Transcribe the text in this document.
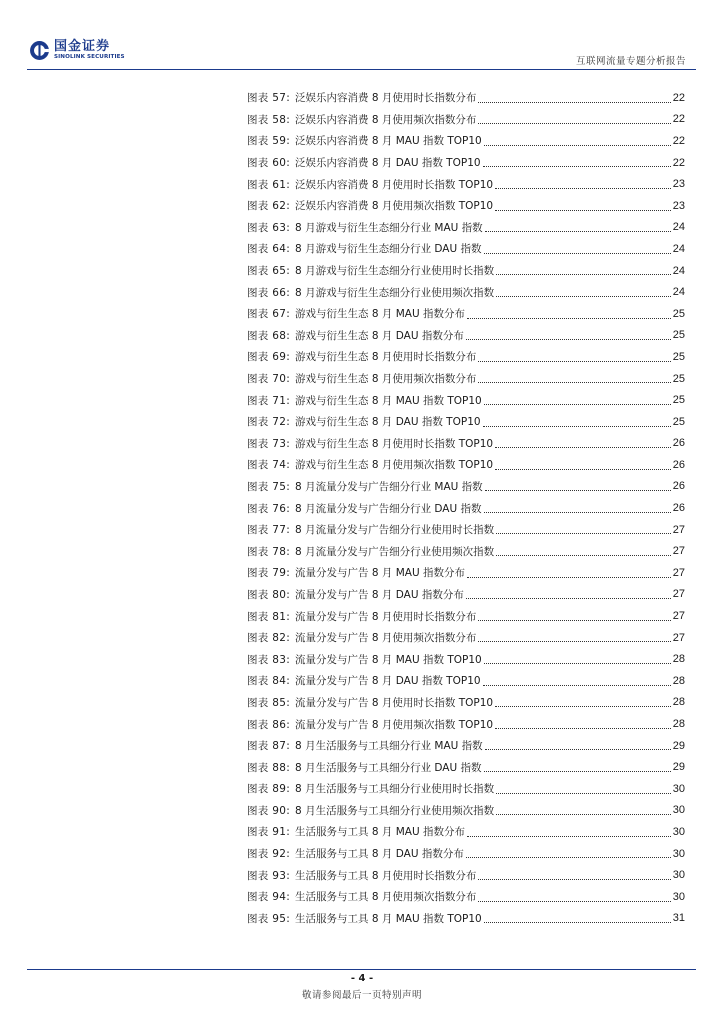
国金证券
SINOLINK SECURITIES	互联网流量专题分析报告
图表 57: 泛娱乐内容消费 8 月使用时长指数分布	22
图表 58: 泛娱乐内容消费 8 月使用频次指数分布	22
图表 59: 泛娱乐内容消费 8 月 MAU 指数 TOP10	22
图表 60: 泛娱乐内容消费 8 月 DAU 指数 TOP10	22
图表 61: 泛娱乐内容消费 8 月使用时长指数 TOP10	23
图表 62: 泛娱乐内容消费 8 月使用频次指数 TOP10	23
图表 63: 8 月游戏与衍生生态细分行业 MAU 指数	24
图表 64: 8 月游戏与衍生生态细分行业 DAU 指数	24
图表 65: 8 月游戏与衍生生态细分行业使用时长指数	24
图表 66: 8 月游戏与衍生生态细分行业使用频次指数	24
图表 67: 游戏与衍生生态 8 月 MAU 指数分布	25
图表 68: 游戏与衍生生态 8 月 DAU 指数分布	25
图表 69: 游戏与衍生生态 8 月使用时长指数分布	25
图表 70: 游戏与衍生生态 8 月使用频次指数分布	25
图表 71: 游戏与衍生生态 8 月 MAU 指数 TOP10	25
图表 72: 游戏与衍生生态 8 月 DAU 指数 TOP10	25
图表 73: 游戏与衍生生态 8 月使用时长指数 TOP10	26
图表 74: 游戏与衍生生态 8 月使用频次指数 TOP10	26
图表 75: 8 月流量分发与广告细分行业 MAU 指数	26
图表 76: 8 月流量分发与广告细分行业 DAU 指数	26
图表 77: 8 月流量分发与广告细分行业使用时长指数	27
图表 78: 8 月流量分发与广告细分行业使用频次指数	27
图表 79: 流量分发与广告 8 月 MAU 指数分布	27
图表 80: 流量分发与广告 8 月 DAU 指数分布	27
图表 81: 流量分发与广告 8 月使用时长指数分布	27
图表 82: 流量分发与广告 8 月使用频次指数分布	27
图表 83: 流量分发与广告 8 月 MAU 指数 TOP10	28
图表 84: 流量分发与广告 8 月 DAU 指数 TOP10	28
图表 85: 流量分发与广告 8 月使用时长指数 TOP10	28
图表 86: 流量分发与广告 8 月使用频次指数 TOP10	28
图表 87: 8 月生活服务与工具细分行业 MAU 指数	29
图表 88: 8 月生活服务与工具细分行业 DAU 指数	29
图表 89: 8 月生活服务与工具细分行业使用时长指数	30
图表 90: 8 月生活服务与工具细分行业使用频次指数	30
图表 91: 生活服务与工具 8 月 MAU 指数分布	30
图表 92: 生活服务与工具 8 月 DAU 指数分布	30
图表 93: 生活服务与工具 8 月使用时长指数分布	30
图表 94: 生活服务与工具 8 月使用频次指数分布	30
图表 95: 生活服务与工具 8 月 MAU 指数 TOP10	31
- 4 -
敬请参阅最后一页特别声明
